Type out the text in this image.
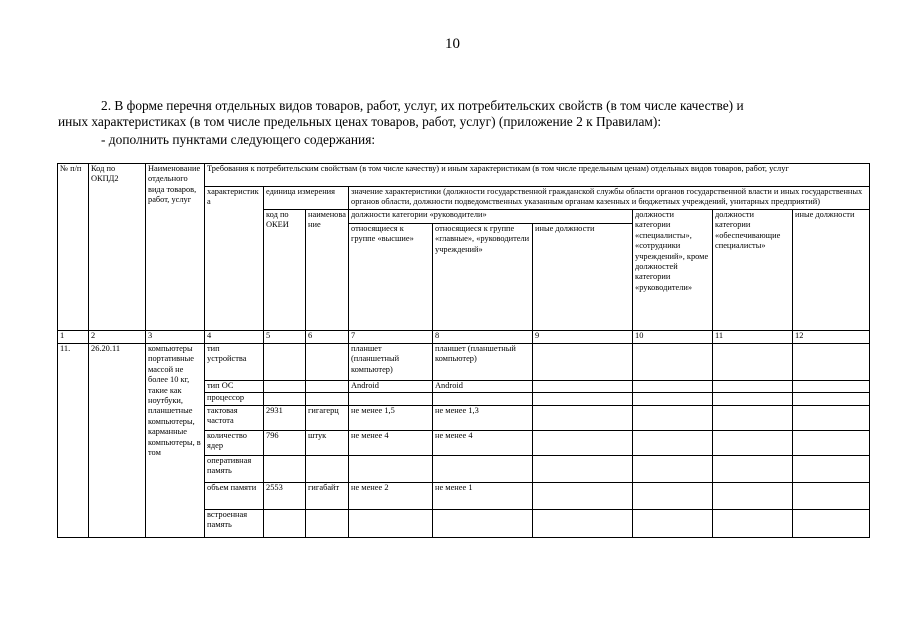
10
2. В форме перечня отдельных видов товаров, работ, услуг, их потребительских свойств (в том числе качестве) и
иных характеристиках (в том числе предельных ценах товаров, работ, услуг) (приложение 2 к Правилам):
- дополнить пунктами следующего содержания:
№ п/п	Код по ОКПД2	Наименование отдельного вида товаров, работ, услуг	Требования к потребительским свойствам (в том числе качеству) и иным характеристикам (в том числе предельным ценам) отдельных видов товаров, работ, услуг								
			характеристика	единица измерения		значение характеристики (должности государственной гражданской службы области органов государственной власти и иных государственных органов области, должности подведомственных указанным органам казенных и бюджетных учреждений, унитарных предприятий)					
				код по ОКЕИ	наименование						
						должности категории «руководители»			должности категории «специалисты», «сотрудники учреждений», кроме должностей категории «руководители»	должности категории «обеспечивающие специалисты»	иные должности
						относящиеся к группе «высшие»	относящиеся к группе «главные», «руководители учреждений»	иные должности			
1	2	3	4	5	6	7	8	9	10	11	12
11.	26.20.11	компьютеры портативные массой не более 10 кг, такие как ноутбуки, планшетные компьютеры, карманные компьютеры, в том	тип устройства			планшет (планшетный компьютер)	планшет (планшетный компьютер)				
			тип ОС			Android	Android				
			процессор								
			тактовая частота	2931	гигагерц	не менее 1,5	не менее 1,3				
			количество ядер	796	штук	не менее 4	не менее 4				
			оперативная память								
			объем памяти	2553	гигабайт	не менее 2	не менее 1				
			встроенная память								
